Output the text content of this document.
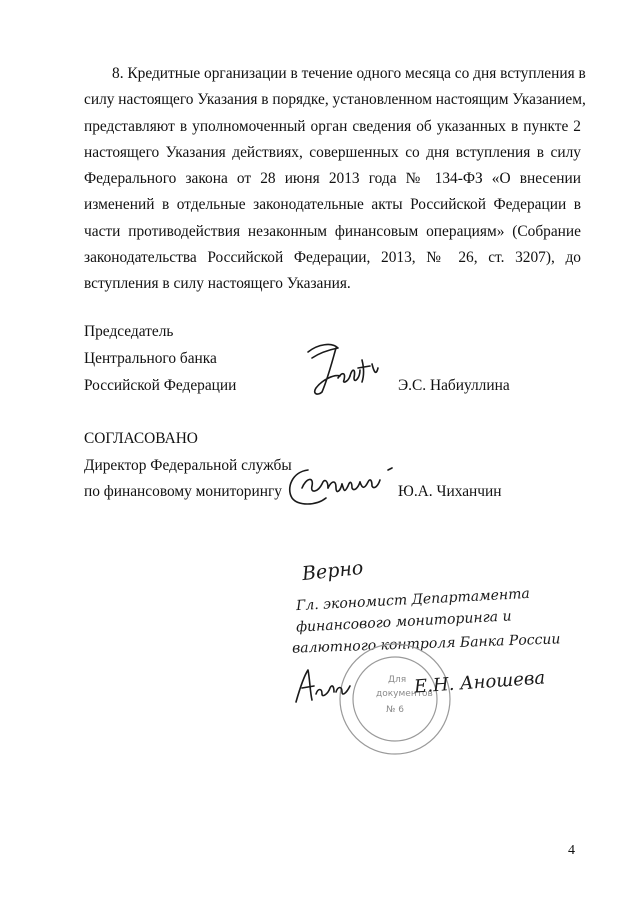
8. Кредитные организации в течение одного месяца со дня вступления в
силу настоящего Указания в порядке, установленном настоящим Указанием,
представляют в уполномоченный орган сведения об указанных в пункте 2
настоящего Указания действиях, совершенных со дня вступления в силу
Федерального закона от 28 июня 2013 года № 134-ФЗ «О внесении
изменений в отдельные законодательные акты Российской Федерации в
части противодействия незаконным финансовым операциям» (Собрание
законодательства Российской Федерации, 2013, № 26, ст. 3207), до
вступления в силу настоящего Указания.

Председатель
Центрального банка
Российской Федерации	Э.С. Набиуллина
СОГЛАСОВАНО
Директор Федеральной службы
по финансовому мониторингу	Ю.А. Чиханчин
Верно
Гл. экономист Департамента
финансового мониторинга и
валютного контроля Банка России
Для
документов
№ 6
Е.Н. Аношева
4
